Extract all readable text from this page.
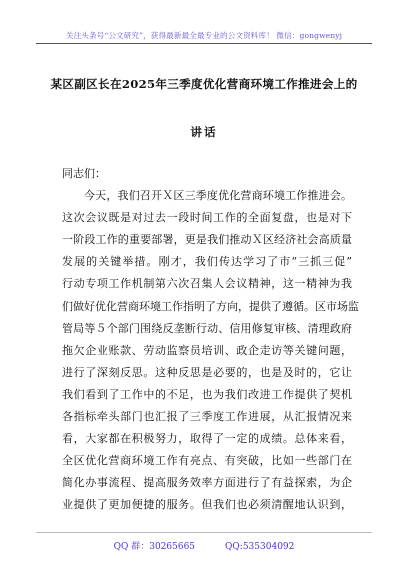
关注头条号“公文研究”，获得最新最全最专业的公文资料库！ 微信：gongwenyj
某区副区长在2025年三季度优化营商环境工作推进会上的
讲话
同志们：
今天，我们召开Ｘ区三季度优化营商环境工作推进会。
这次会议既是对过去一段时间工作的全面复盘，也是对下
一阶段工作的重要部署，更是我们推动Ｘ区经济社会高质量
发展的关键举措。刚才，我们传达学习了市“三抓三促”
行动专项工作机制第六次召集人会议精神，这一精神为我
们做好优化营商环境工作指明了方向，提供了遵循。区市场监
管局等５个部门围绕反垄断行动、信用修复审核、清理政府
拖欠企业账款、劳动监察员培训、政企走访等关键问题，
进行了深刻反思。这种反思是必要的，也是及时的，它让
我们看到了工作中的不足，也为我们改进工作提供了契机
各指标牵头部门也汇报了三季度工作进展，从汇报情况来
看，大家都在积极努力，取得了一定的成绩。总体来看，
全区优化营商环境工作有亮点、有突破，比如一些部门在
简化办事流程、提高服务效率方面进行了有益探索，为企
业提供了更加便捷的服务。但我们也必须清醒地认识到，
QQ 群：30265665	QQ:535304092
